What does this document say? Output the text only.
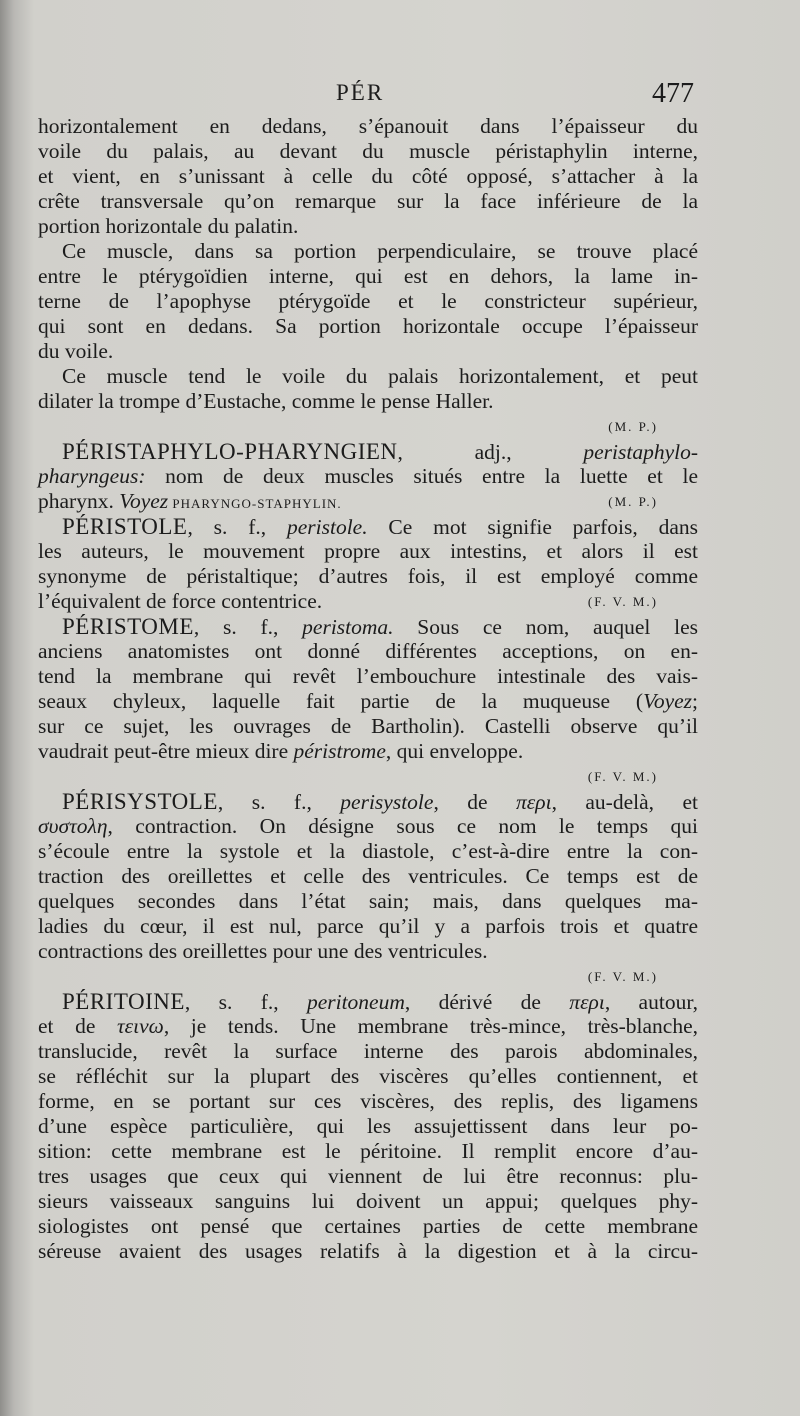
PÉR	477
horizontalement en dedans, s’épanouit dans l’épaisseur du
voile du palais, au devant du muscle péristaphylin interne,
et vient, en s’unissant à celle du côté opposé, s’attacher à la
crête transversale qu’on remarque sur la face inférieure de la
portion horizontale du palatin.
Ce muscle, dans sa portion perpendiculaire, se trouve placé
entre le ptérygoïdien interne, qui est en dehors, la lame in-
terne de l’apophyse ptérygoïde et le constricteur supérieur,
qui sont en dedans. Sa portion horizontale occupe l’épaisseur
du voile.
Ce muscle tend le voile du palais horizontalement, et peut
dilater la trompe d’Eustache, comme le pense Haller.
(M. P.)
PÉRISTAPHYLO-PHARYNGIEN, adj., peristaphylo-
pharyngeus: nom de deux muscles situés entre la luette et le
pharynx. Voyez PHARYNGO-STAPHYLIN.	(M. P.)
PÉRISTOLE, s. f., peristole. Ce mot signifie parfois, dans
les auteurs, le mouvement propre aux intestins, et alors il est
synonyme de péristaltique; d’autres fois, il est employé comme
l’équivalent de force contentrice.	(F. V. M.)
PÉRISTOME, s. f., peristoma. Sous ce nom, auquel les
anciens anatomistes ont donné différentes acceptions, on en-
tend la membrane qui revêt l’embouchure intestinale des vais-
seaux chyleux, laquelle fait partie de la muqueuse (Voyez;
sur ce sujet, les ouvrages de Bartholin). Castelli observe qu’il
vaudrait peut-être mieux dire péristrome, qui enveloppe.
(F. V. M.)
PÉRISYSTOLE, s. f., perisystole, de περι, au-delà, et
συστολη, contraction. On désigne sous ce nom le temps qui
s’écoule entre la systole et la diastole, c’est-à-dire entre la con-
traction des oreillettes et celle des ventricules. Ce temps est de
quelques secondes dans l’état sain; mais, dans quelques ma-
ladies du cœur, il est nul, parce qu’il y a parfois trois et quatre
contractions des oreillettes pour une des ventricules.
(F. V. M.)
PÉRITOINE, s. f., peritoneum, dérivé de περι, autour,
et de τεινω, je tends. Une membrane très-mince, très-blanche,
translucide, revêt la surface interne des parois abdominales,
se réfléchit sur la plupart des viscères qu’elles contiennent, et
forme, en se portant sur ces viscères, des replis, des ligamens
d’une espèce particulière, qui les assujettissent dans leur po-
sition: cette membrane est le péritoine. Il remplit encore d’au-
tres usages que ceux qui viennent de lui être reconnus: plu-
sieurs vaisseaux sanguins lui doivent un appui; quelques phy-
siologistes ont pensé que certaines parties de cette membrane
séreuse avaient des usages relatifs à la digestion et à la circu-
